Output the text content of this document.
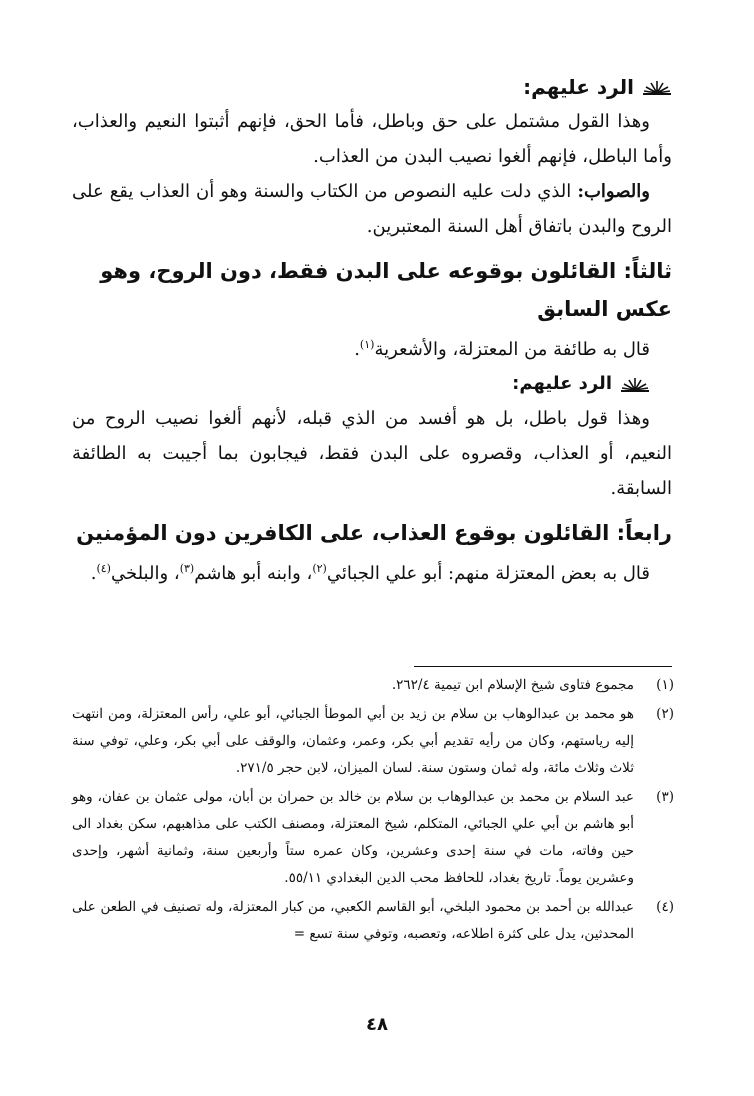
الرد عليهم:

وهذا القول مشتمل على حق وباطل، فأما الحق، فإنهم أثبتوا النعيم والعذاب، وأما الباطل، فإنهم ألغوا نصيب البدن من العذاب.

والصواب: الذي دلت عليه النصوص من الكتاب والسنة وهو أن العذاب يقع على الروح والبدن باتفاق أهل السنة المعتبرين.

ثالثاً: القائلون بوقوعه على البدن فقط، دون الروح، وهو عكس السابق

قال به طائفة من المعتزلة، والأشعرية$^{(١)}$.

الرد عليهم:

وهذا قول باطل، بل هو أفسد من الذي قبله، لأنهم ألغوا نصيب الروح من النعيم، أو العذاب، وقصروه على البدن فقط، فيجابون بما أجيبت به الطائفة السابقة.

رابعاً: القائلون بوقوع العذاب، على الكافرين دون المؤمنين

قال به بعض المعتزلة منهم: أبو علي الجبائي$^{(٢)}$، وابنه أبو هاشم$^{(٣)}$، والبلخي$^{(٤)}$.

(١)
مجموع فتاوى شيخ الإسلام ابن تيمية ٢٦٢/٤.
(٢)
هو محمد بن عبدالوهاب بن سلام بن زيد بن أبي الموطأ الجبائي، أبو علي، رأس المعتزلة، ومن انتهت إليه رياستهم، وكان من رأيه تقديم أبي بكر، وعمر، وعثمان، والوقف على أبي بكر، وعلي، توفي سنة ثلاث وثلاث مائة، وله ثمان وستون سنة. لسان الميزان، لابن حجر ٢٧١/٥.
(٣)
عبد السلام بن محمد بن عبدالوهاب بن سلام بن خالد بن حمران بن أبان، مولى عثمان بن عفان، وهو أبو هاشم بن أبي علي الجبائي، المتكلم، شيخ المعتزلة، ومصنف الكتب على مذاهبهم، سكن بغداد الى حين وفاته، مات في سنة إحدى وعشرين، وكان عمره ستاً وأربعين سنة، وثمانية أشهر، وإحدى وعشرين يوماً. تاريخ بغداد، للحافظ محب الدين البغدادي ٥٥/١١.
(٤)
عبدالله بن أحمد بن محمود البلخي، أبو القاسم الكعبي، من كبار المعتزلة، وله تصنيف في الطعن على المحدثين، يدل على كثرة اطلاعه، وتعصبه، وتوفي سنة تسع =
٤٨
